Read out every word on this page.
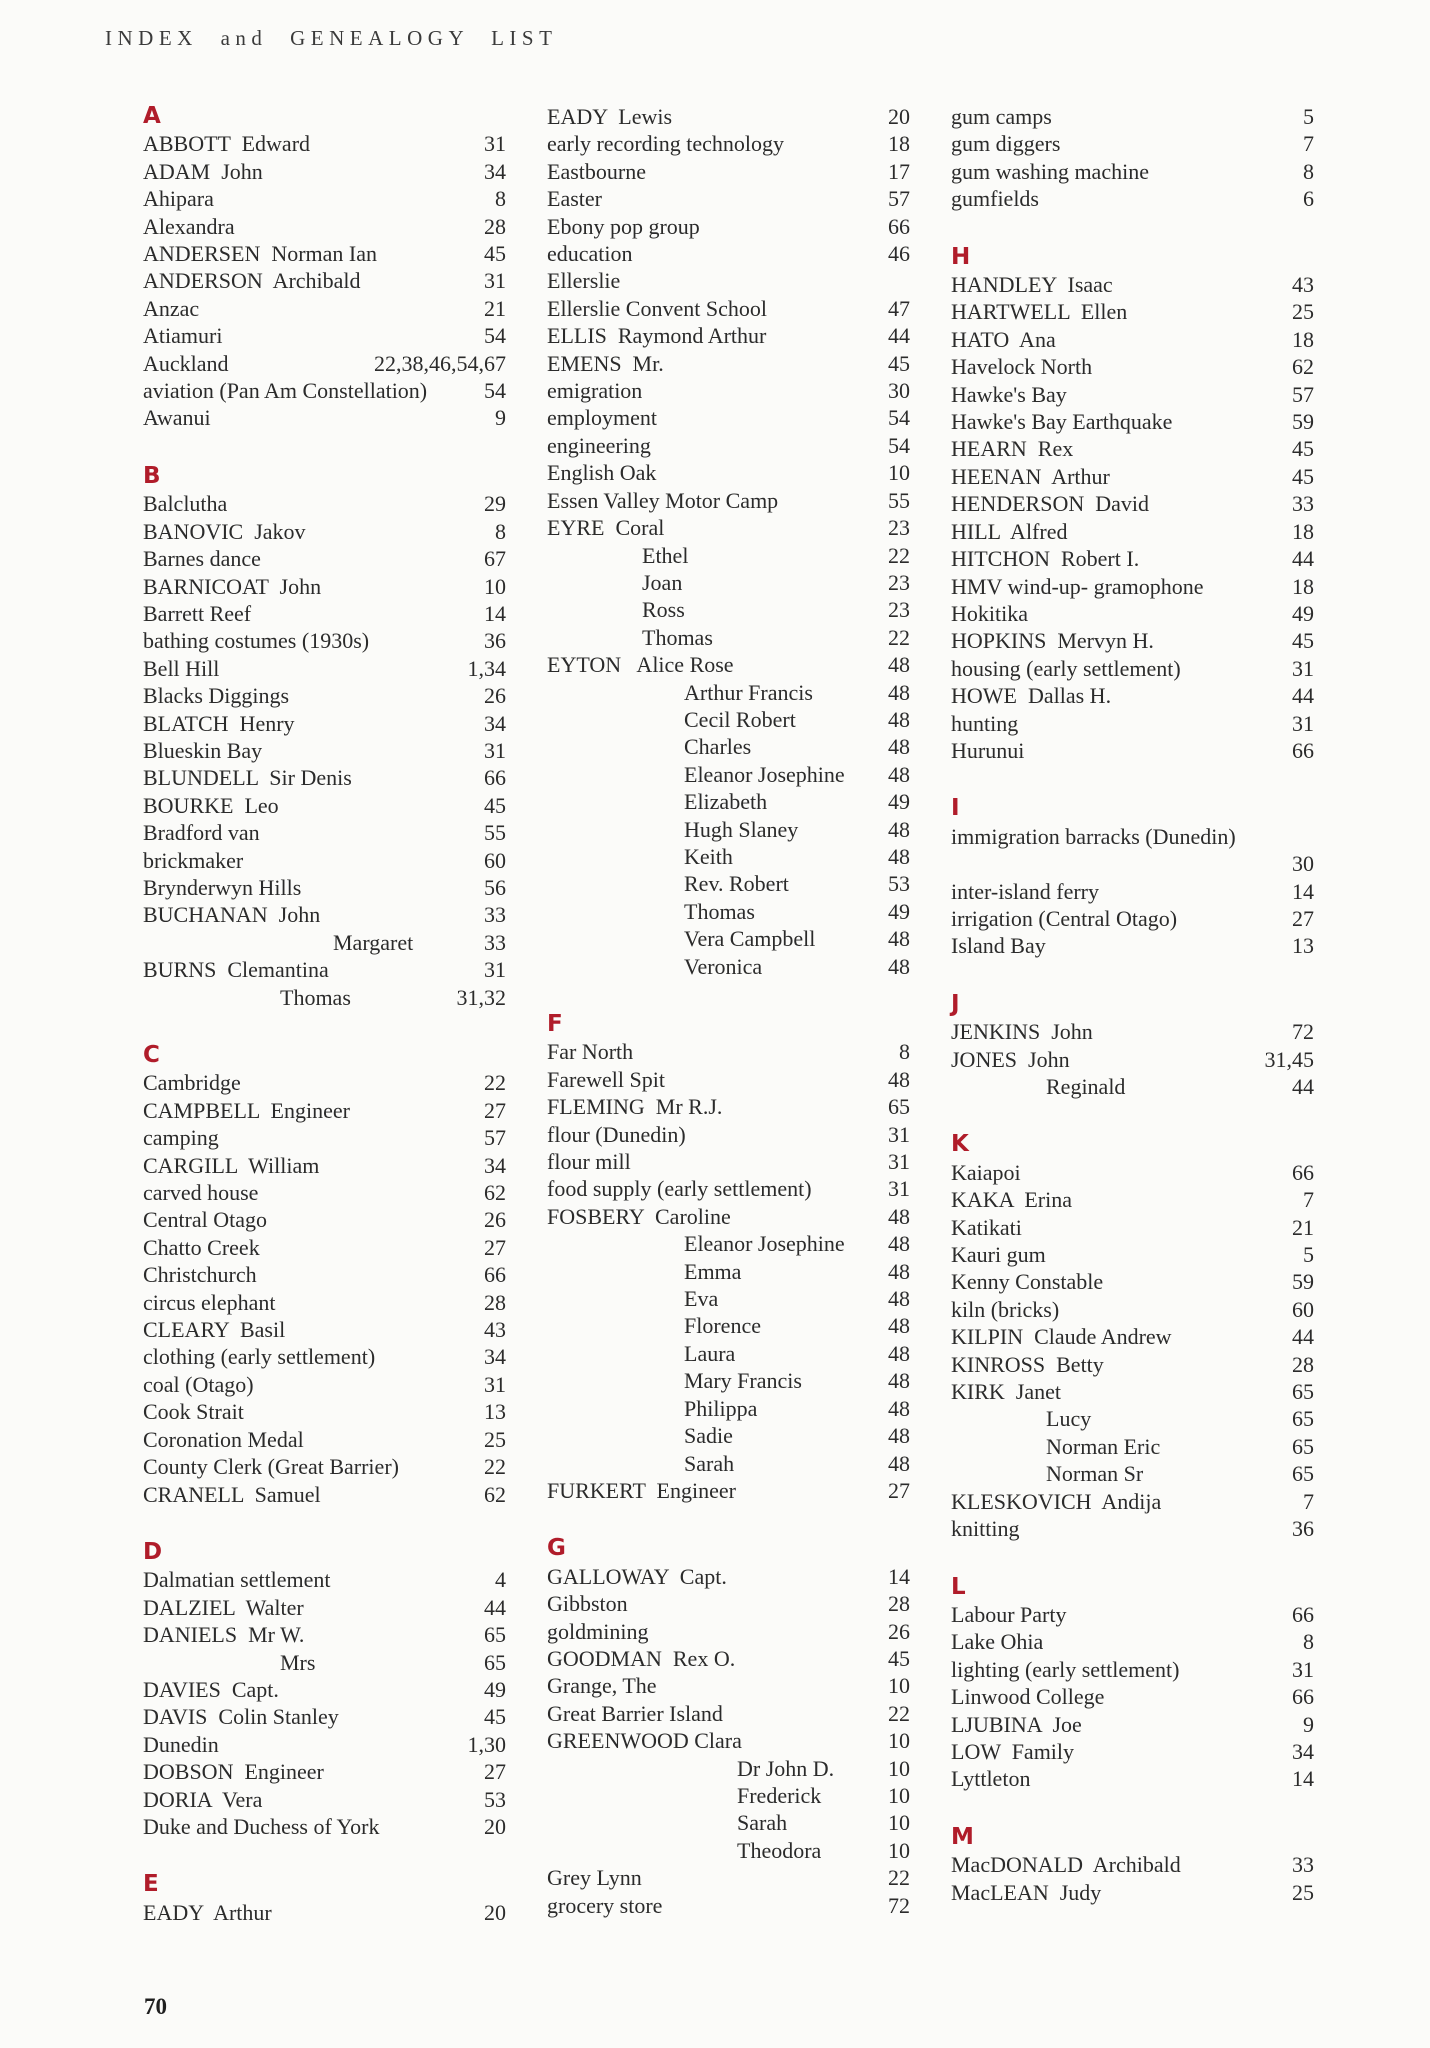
INDEX and GENEALOGY LIST
A
ABBOTT  Edward	31
ADAM  John	34
Ahipara	8
Alexandra	28
ANDERSEN  Norman Ian	45
ANDERSON  Archibald	31
Anzac	21
Atiamuri	54
Auckland	22,38,46,54,67
aviation (Pan Am Constellation)	54
Awanui	9
B
Balclutha	29
BANOVIC  Jakov	8
Barnes dance	67
BARNICOAT  John	10
Barrett Reef	14
bathing costumes (1930s)	36
Bell Hill	1,34
Blacks Diggings	26
BLATCH  Henry	34
Blueskin Bay	31
BLUNDELL  Sir Denis	66
BOURKE  Leo	45
Bradford van	55
brickmaker	60
Brynderwyn Hills	56
BUCHANAN  John	33
Margaret	33
BURNS  Clemantina	31
Thomas	31,32
C
Cambridge	22
CAMPBELL  Engineer	27
camping	57
CARGILL  William	34
carved house	62
Central Otago	26
Chatto Creek	27
Christchurch	66
circus elephant	28
CLEARY  Basil	43
clothing (early settlement)	34
coal (Otago)	31
Cook Strait	13
Coronation Medal	25
County Clerk (Great Barrier)	22
CRANELL  Samuel	62
D
Dalmatian settlement	4
DALZIEL  Walter	44
DANIELS  Mr W.	65
Mrs	65
DAVIES  Capt.	49
DAVIS  Colin Stanley	45
Dunedin	1,30
DOBSON  Engineer	27
DORIA  Vera	53
Duke and Duchess of York	20
E
EADY  Arthur	20
EADY  Lewis	20
early recording technology	18
Eastbourne	17
Easter	57
Ebony pop group	66
education	46
Ellerslie
Ellerslie Convent School	47
ELLIS  Raymond Arthur	44
EMENS  Mr.	45
emigration	30
employment	54
engineering	54
English Oak	10
Essen Valley Motor Camp	55
EYRE  Coral	23
Ethel	22
Joan	23
Ross	23
Thomas	22
EYTON   Alice Rose	48
Arthur Francis	48
Cecil Robert	48
Charles	48
Eleanor Josephine 48
Elizabeth	49
Hugh Slaney	48
Keith	48
Rev. Robert	53
Thomas	49
Vera Campbell	48
Veronica	48
F
Far North	8
Farewell Spit	48
FLEMING  Mr R.J.	65
flour (Dunedin)	31
flour mill	31
food supply (early settlement)	31
FOSBERY  Caroline	48
Eleanor Josephine 48
Emma	48
Eva	48
Florence	48
Laura	48
Mary Francis	48
Philippa	48
Sadie	48
Sarah	48
FURKERT  Engineer	27
G
GALLOWAY  Capt.	14
Gibbston	28
goldmining	26
GOODMAN  Rex O.	45
Grange, The	10
Great Barrier Island	22
GREENWOOD Clara	10
Dr John D. 10
Frederick	10
Sarah	10
Theodora	10
Grey Lynn	22
grocery store	72
gum camps	5
gum diggers	7
gum washing machine	8
gumfields	6
H
HANDLEY  Isaac	43
HARTWELL  Ellen	25
HATO  Ana	18
Havelock North	62
Hawke's Bay	57
Hawke's Bay Earthquake	59
HEARN  Rex	45
HEENAN  Arthur	45
HENDERSON  David	33
HILL  Alfred	18
HITCHON  Robert I.	44
HMV wind-up- gramophone	18
Hokitika	49
HOPKINS  Mervyn H.	45
housing (early settlement)	31
HOWE  Dallas H.	44
hunting	31
Hurunui	66
I
immigration barracks (Dunedin)
30
inter-island ferry	14
irrigation (Central Otago)	27
Island Bay	13
J
JENKINS  John	72
JONES  John	31,45
Reginald	44
K
Kaiapoi	66
KAKA  Erina	7
Katikati	21
Kauri gum	5
Kenny Constable	59
kiln (bricks)	60
KILPIN  Claude Andrew	44
KINROSS  Betty	28
KIRK  Janet	65
Lucy	65
Norman Eric	65
Norman Sr	65
KLESKOVICH  Andija	7
knitting	36
L
Labour Party	66
Lake Ohia	8
lighting (early settlement)	31
Linwood College	66
LJUBINA  Joe	9
LOW  Family	34
Lyttleton	14
M
MacDONALD  Archibald	33
MacLEAN  Judy	25
70
